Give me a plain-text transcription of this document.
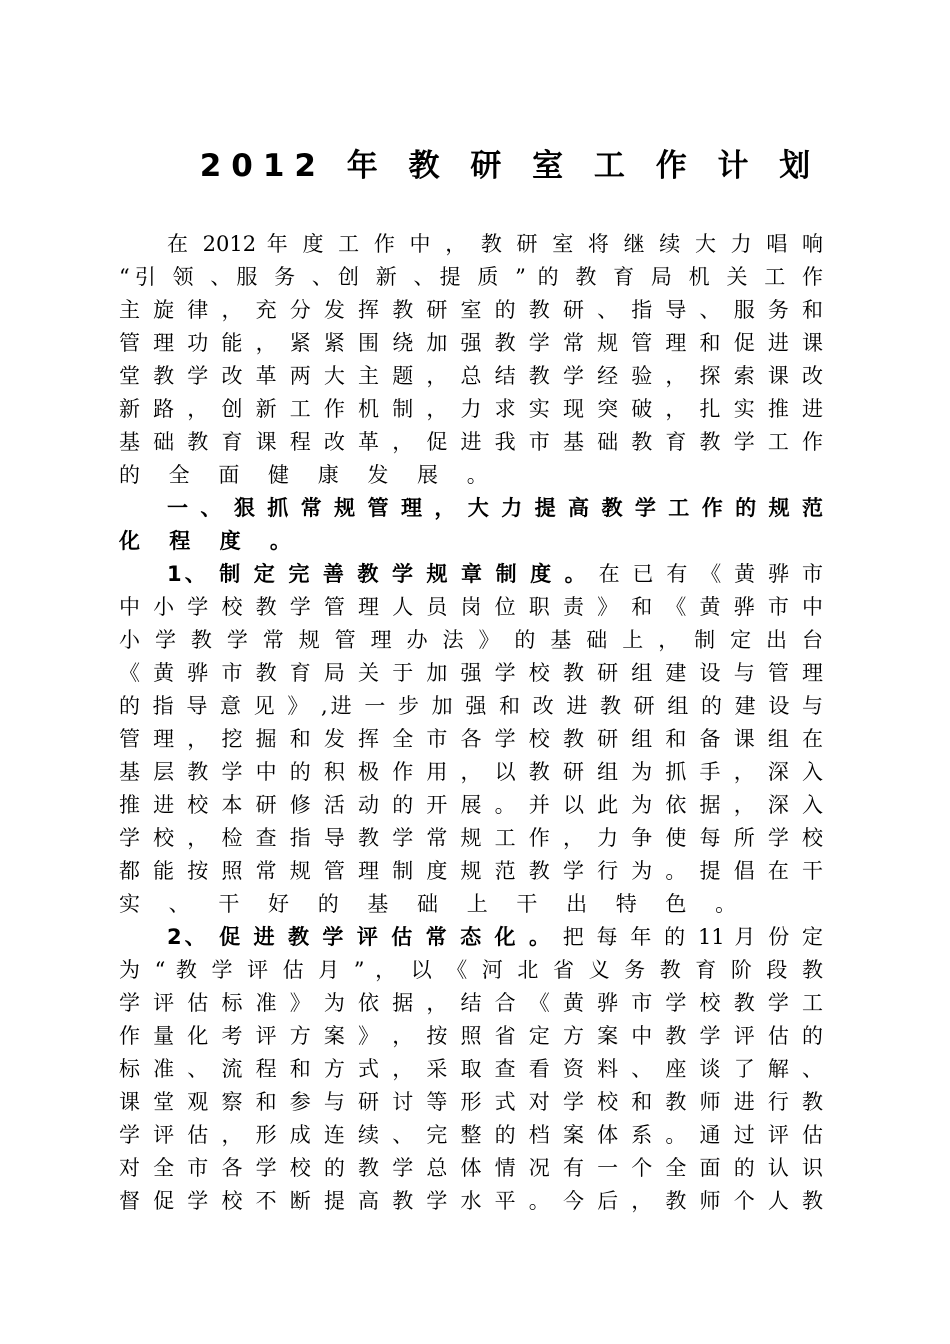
2012 年 教 研 室 工 作 计 划
在 2012 年 度 工 作 中 ， 教 研 室 将 继 续 大 力 唱 响
“引 领 、服 务 、创 新 、提 质 ” 的 教 育 局 机 关 工 作
主 旋 律 ， 充 分 发 挥 教 研 室 的 教 研 、 指 导 、 服 务 和
管 理 功 能 ， 紧 紧 围 绕 加 强 教 学 常 规 管 理 和 促 进 课
堂 教 学 改 革 两 大 主 题 ， 总 结 教 学 经 验 ， 探 索 课 改
新 路 ， 创 新 工 作 机 制 ， 力 求 实 现 突 破 ， 扎 实 推 进
基 础 教 育 课 程 改 革 ， 促 进 我 市 基 础 教 育 教 学 工 作
的 全 面 健 康 发 展 。
一 、 狠 抓 常 规 管 理 ， 大 力 提 高 教 学 工 作 的 规 范
化 程 度 。
1、 制 定 完 善 教 学 规 章 制 度 。 在 已 有 《 黄 骅 市
中 小 学 校 教 学 管 理 人 员 岗 位 职 责 》 和 《 黄 骅 市 中
小 学 教 学 常 规 管 理 办 法 》 的 基 础 上 ， 制 定 出 台
《 黄 骅 市 教 育 局 关 于 加 强 学 校 教 研 组 建 设 与 管 理
的 指 导 意 见 》 ,进 一 步 加 强 和 改 进 教 研 组 的 建 设 与
管 理 ， 挖 掘 和 发 挥 全 市 各 学 校 教 研 组 和 备 课 组 在
基 层 教 学 中 的 积 极 作 用 ， 以 教 研 组 为 抓 手 ， 深 入
推 进 校 本 研 修 活 动 的 开 展 。 并 以 此 为 依 据 ， 深 入
学 校 ， 检 查 指 导 教 学 常 规 工 作 ， 力 争 使 每 所 学 校
都 能 按 照 常 规 管 理 制 度 规 范 教 学 行 为 。 提 倡 在 干
实 、 干 好 的 基 础 上 干 出 特 色 。
2、 促 进 教 学 评 估 常 态 化 。 把 每 年 的 11 月 份 定
为 “ 教 学 评 估 月 ” ， 以 《 河 北 省 义 务 教 育 阶 段 教
学 评 估 标 准 》 为 依 据 ， 结 合 《 黄 骅 市 学 校 教 学 工
作 量 化 考 评 方 案 》 ， 按 照 省 定 方 案 中 教 学 评 估 的
标 准 、 流 程 和 方 式 ， 采 取 查 看 资 料 、 座 谈 了 解 、
课 堂 观 察 和 参 与 研 讨 等 形 式 对 学 校 和 教 师 进 行 教
学 评 估 ， 形 成 连 续 、 完 整 的 档 案 体 系 。 通 过 评 估
对 全 市 各 学 校 的 教 学 总 体 情 况 有 一 个 全 面 的 认 识
督 促 学 校 不 断 提 高 教 学 水 平 。 今 后 ， 教 师 个 人 教
